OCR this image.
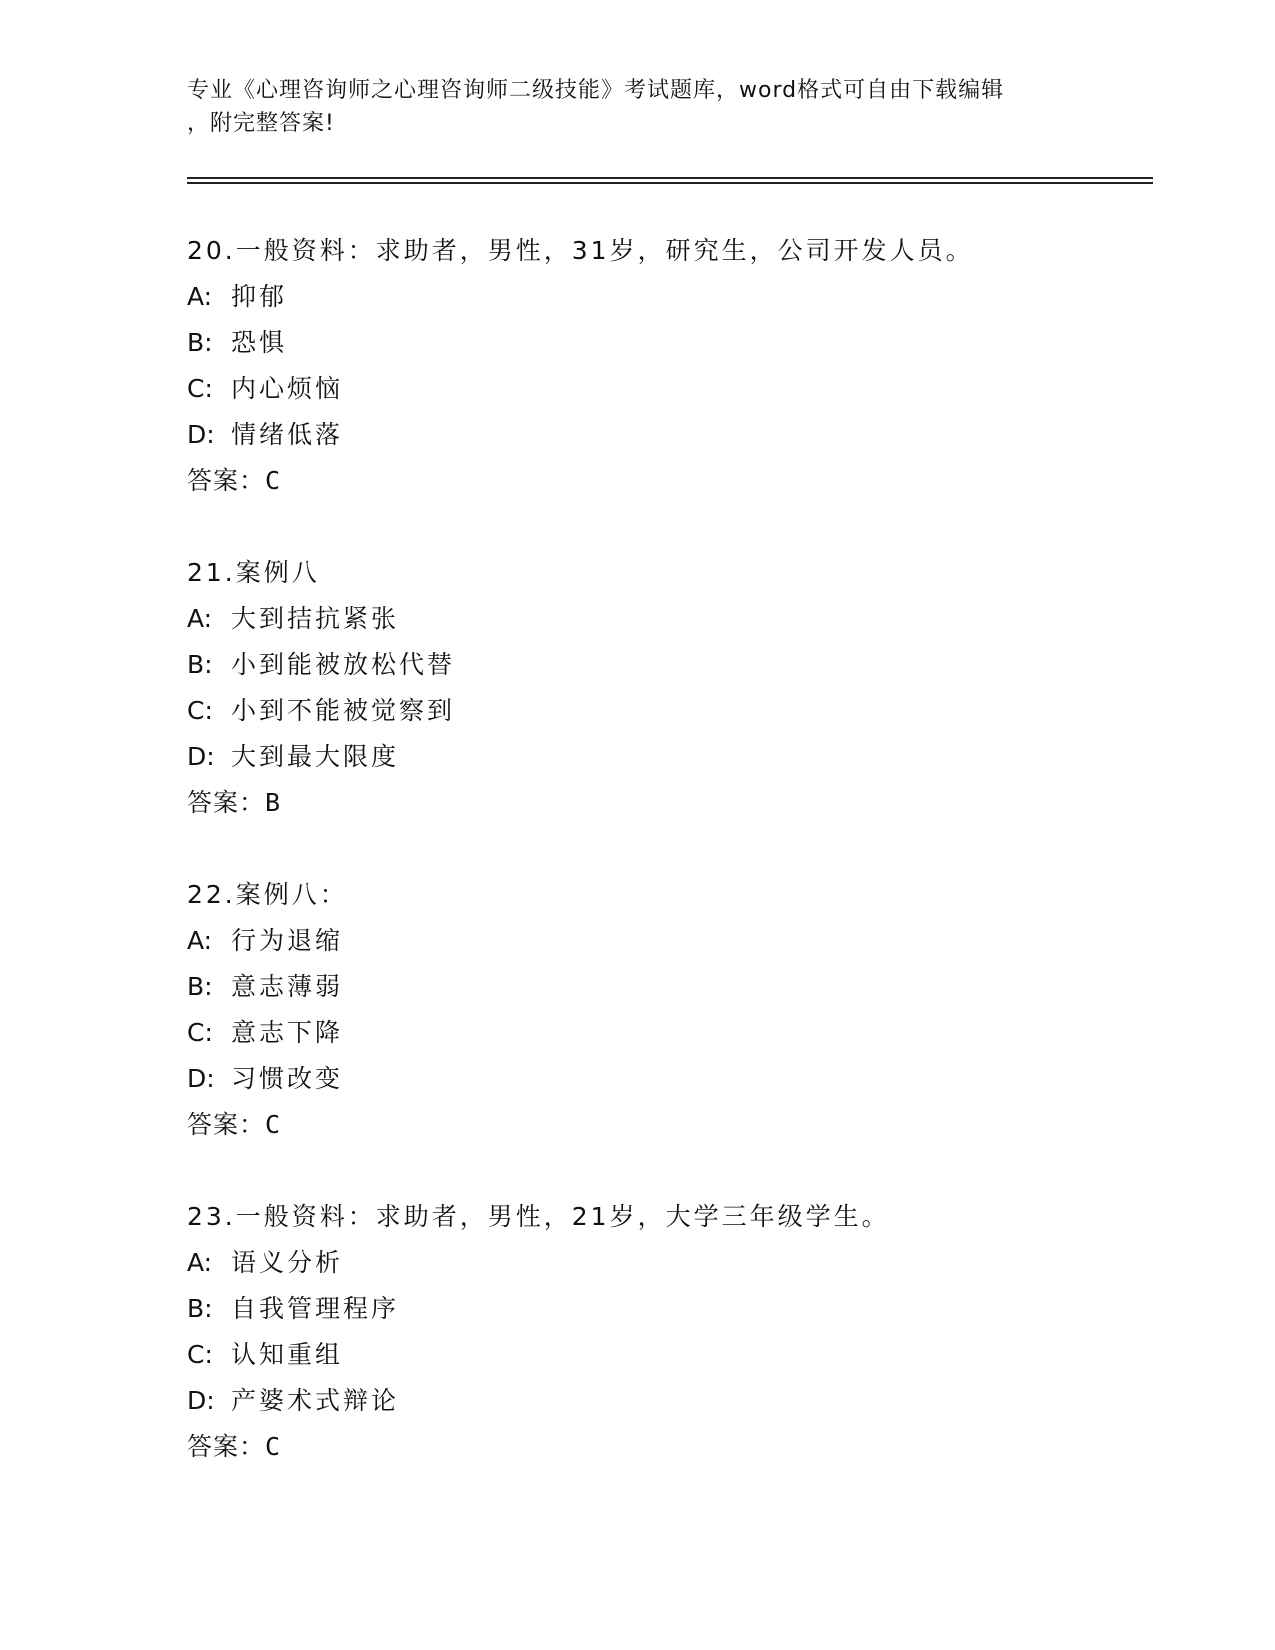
专业《心理咨询师之心理咨询师二级技能》考试题库，word格式可自由下载编辑
，附完整答案!
20.一般资料：求助者，男性，31岁，研究生，公司开发人员。
A: 抑郁
B: 恐惧
C: 内心烦恼
D: 情绪低落
答案：C
21.案例八
A: 大到拮抗紧张
B: 小到能被放松代替
C: 小到不能被觉察到
D: 大到最大限度
答案：B
22.案例八：
A: 行为退缩
B: 意志薄弱
C: 意志下降
D: 习惯改变
答案：C
23.一般资料：求助者，男性，21岁，大学三年级学生。
A: 语义分析
B: 自我管理程序
C: 认知重组
D: 产婆术式辩论
答案：C
